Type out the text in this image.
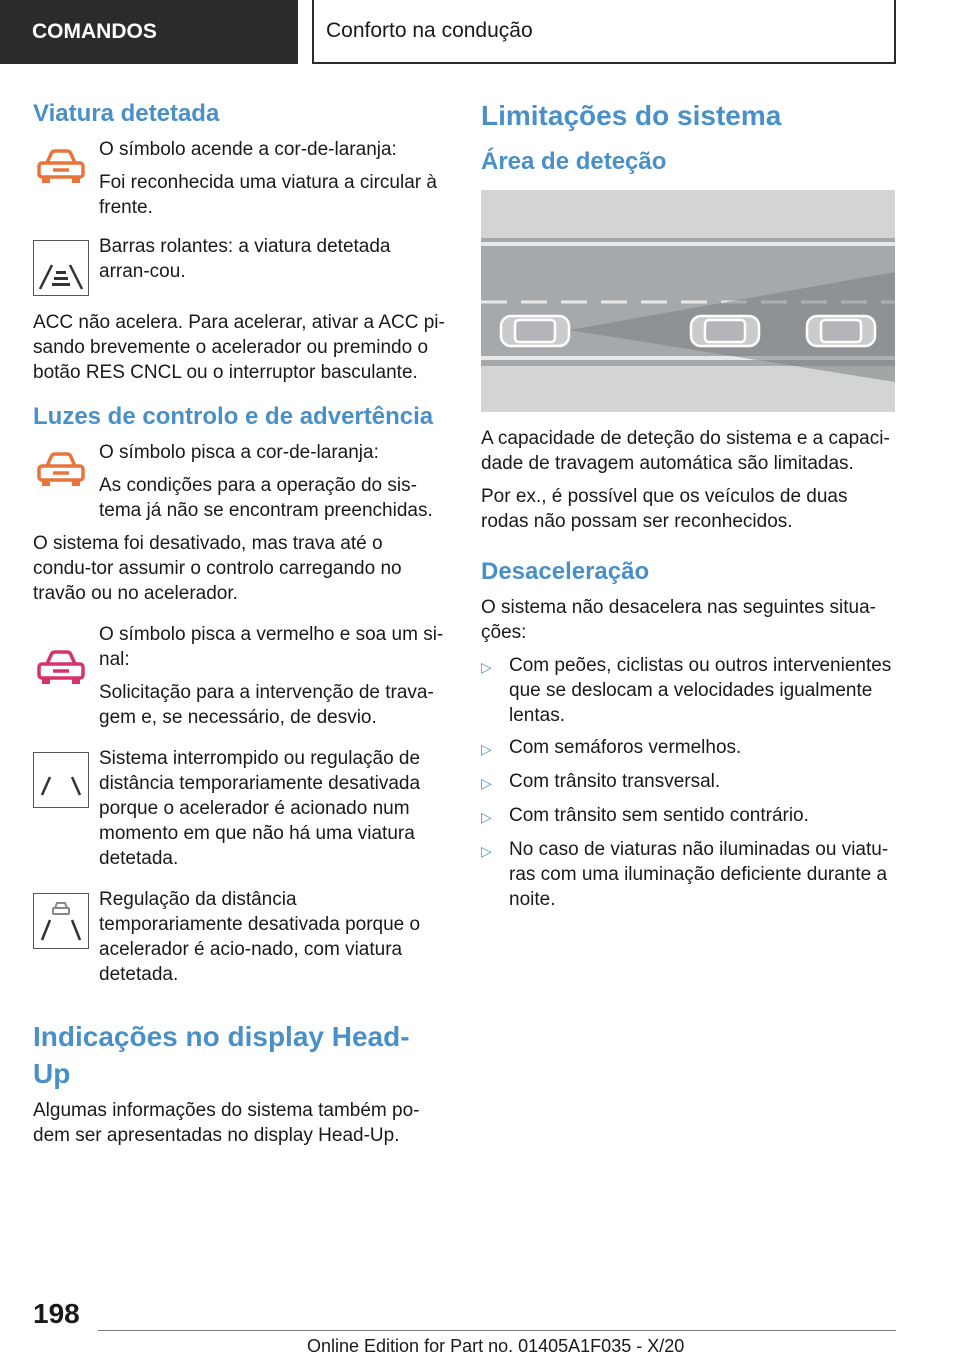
COMANDOS	Conforto na condução
Viatura detetada

O símbolo acende a cor-de-laranja:

Foi reconhecida uma viatura a circular à frente.

Barras rolantes: a viatura detetada arran-cou.

ACC não acelera. Para acelerar, ativar a ACC pi-sando brevemente o acelerador ou premindo o botão RES CNCL ou o interruptor basculante.

Luzes de controlo e de advertência

O símbolo pisca a cor-de-laranja:

As condições para a operação do sis-tema já não se encontram preenchidas.

O sistema foi desativado, mas trava até o condu-tor assumir o controlo carregando no travão ou no acelerador.

O símbolo pisca a vermelho e soa um si-nal:

Solicitação para a intervenção de trava-gem e, se necessário, de desvio.

Sistema interrompido ou regulação de distância temporariamente desativada porque o acelerador é acionado num momento em que não há uma viatura detetada.

Regulação da distância temporariamente desativada porque o acelerador é acio-nado, com viatura detetada.

Indicações no display Head-Up

Algumas informações do sistema também po-dem ser apresentadas no display Head-Up.

Limitações do sistema
Área de deteção

A capacidade de deteção do sistema e a capaci-dade de travagem automática são limitadas.

Por ex., é possível que os veículos de duas rodas não possam ser reconhecidos.

Desaceleração

O sistema não desacelera nas seguintes situa-ções:

▷ Com peões, ciclistas ou outros intervenientes que se deslocam a velocidades igualmente lentas.
▷ Com semáforos vermelhos.
▷ Com trânsito transversal.
▷ Com trânsito sem sentido contrário.
▷ No caso de viaturas não iluminadas ou viatu-ras com uma iluminação deficiente durante a noite.
198
Online Edition for Part no. 01405A1F035 - X/20
